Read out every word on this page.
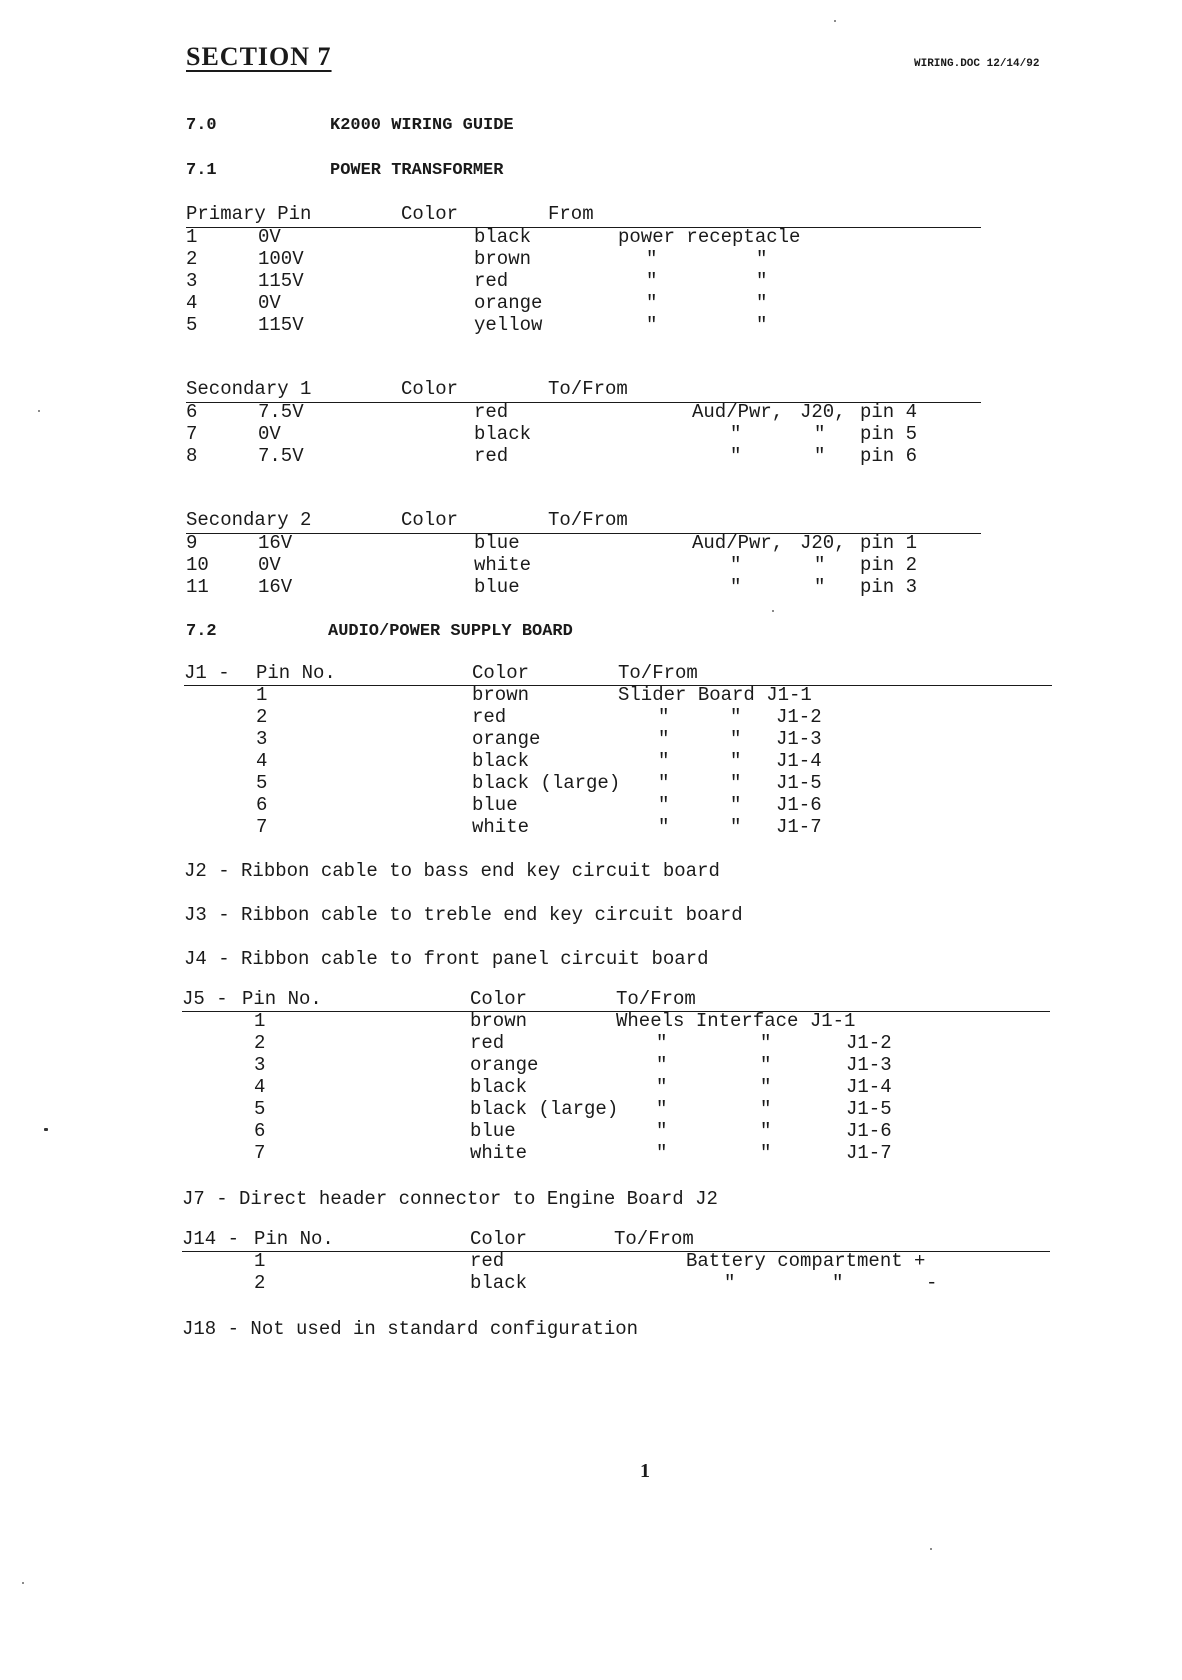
SECTION 7	WIRING.DOC 12/14/92
7.0	K2000 WIRING GUIDE
7.1	POWER TRANSFORMER
Primary Pin	Color	From
1	0V	black	power receptacle
2	100V	brown	"	"
3	115V	red	"	"
4	0V	orange	"	"
5	115V	yellow	"	"
Secondary 1	Color	To/From
6	7.5V	red	Aud/Pwr, J20, pin 4
7	0V	black	"	" pin 5
8	7.5V	red	"	" pin 6
Secondary 2	Color	To/From
9	16V	blue	Aud/Pwr, J20, pin 1
10	0V	white	"	" pin 2
11	16V	blue	"	" pin 3
7.2	AUDIO/POWER SUPPLY BOARD
J1 - Pin No.	Color	To/From
1	brown	Slider Board J1-1
2	red	"	" J1-2
3	orange	"	" J1-3
4	black	"	" J1-4
5	black (large) "	" J1-5
6	blue	"	" J1-6
7	white	"	" J1-7
J2 - Ribbon cable to bass end key circuit board
J3 - Ribbon cable to treble end key circuit board
J4 - Ribbon cable to front panel circuit board
J5 - Pin No.	Color	To/From
1	brown	Wheels Interface J1-1
2	red	"	"	J1-2
3	orange	"	"	J1-3
4	black	"	"	J1-4
5	black (large) "	"	J1-5
6	blue	"	"	J1-6
7	white	"	"	J1-7
J7 - Direct header connector to Engine Board J2
J14 - Pin No.	Color	To/From
1	red	Battery compartment +
2	black	"	"	-
J18 - Not used in standard configuration
1
